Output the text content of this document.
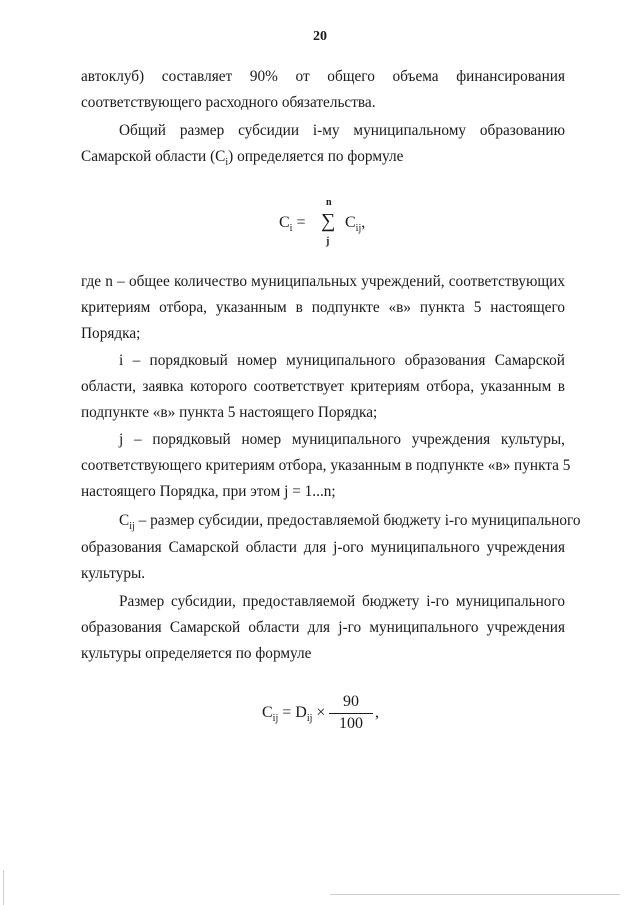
20
автоклуб) составляет 90% от общего объема финансирования
соответствующего расходного обязательства.
Общий размер субсидии i-му муниципальному образованию
Самарской области $(C_i)$ определяется по формуле
$C_i$ =
n
∑
j
$C_{ij}$,
где n – общее количество муниципальных учреждений, соответствующих
критериям отбора, указанным в подпункте «в» пункта 5 настоящего
Порядка;
i – порядковый номер муниципального образования Самарской
области, заявка которого соответствует критериям отбора, указанным в
подпункте «в» пункта 5 настоящего Порядка;
j – порядковый номер муниципального учреждения культуры,
соответствующего критериям отбора, указанным в подпункте «в» пункта 5
настоящего Порядка, при этом j = 1...n;
$C_{ij}$ – размер субсидии, предоставляемой бюджету i-го муниципального
образования Самарской области для j-ого муниципального учреждения
культуры.
Размер субсидии, предоставляемой бюджету i-го муниципального
образования Самарской области для j-го муниципального учреждения
культуры определяется по формуле
$C_{ij} = D_{ij}$ ×
90
100
,
